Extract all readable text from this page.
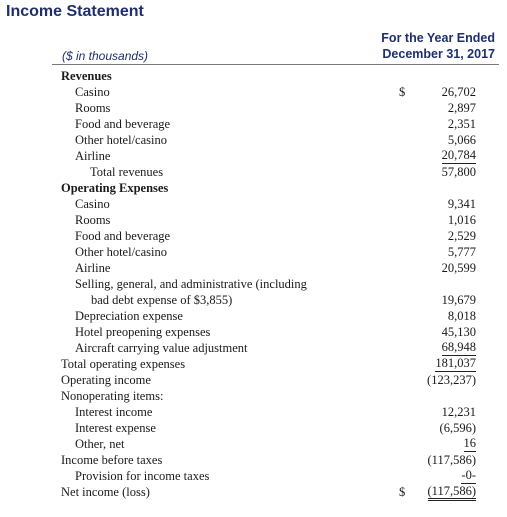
Income Statement
For the Year Ended
December 31, 2017
($ in thousands)
Revenues
Casino	$	26,702
Rooms	2,897
Food and beverage	2,351
Other hotel/casino	5,066
Airline	20,784
Total revenues	57,800
Operating Expenses
Casino	9,341
Rooms	1,016
Food and beverage	2,529
Other hotel/casino	5,777
Airline	20,599
Selling, general, and administrative (including
bad debt expense of $3,855)	19,679
Depreciation expense	8,018
Hotel preopening expenses	45,130
Aircraft carrying value adjustment	68,948
Total operating expenses	181,037
Operating income	(123,237)
Nonoperating items:
Interest income	12,231
Interest expense	(6,596)
Other, net	16
Income before taxes	(117,586)
Provision for income taxes	-0-
Net income (loss)	$ (117,586)
